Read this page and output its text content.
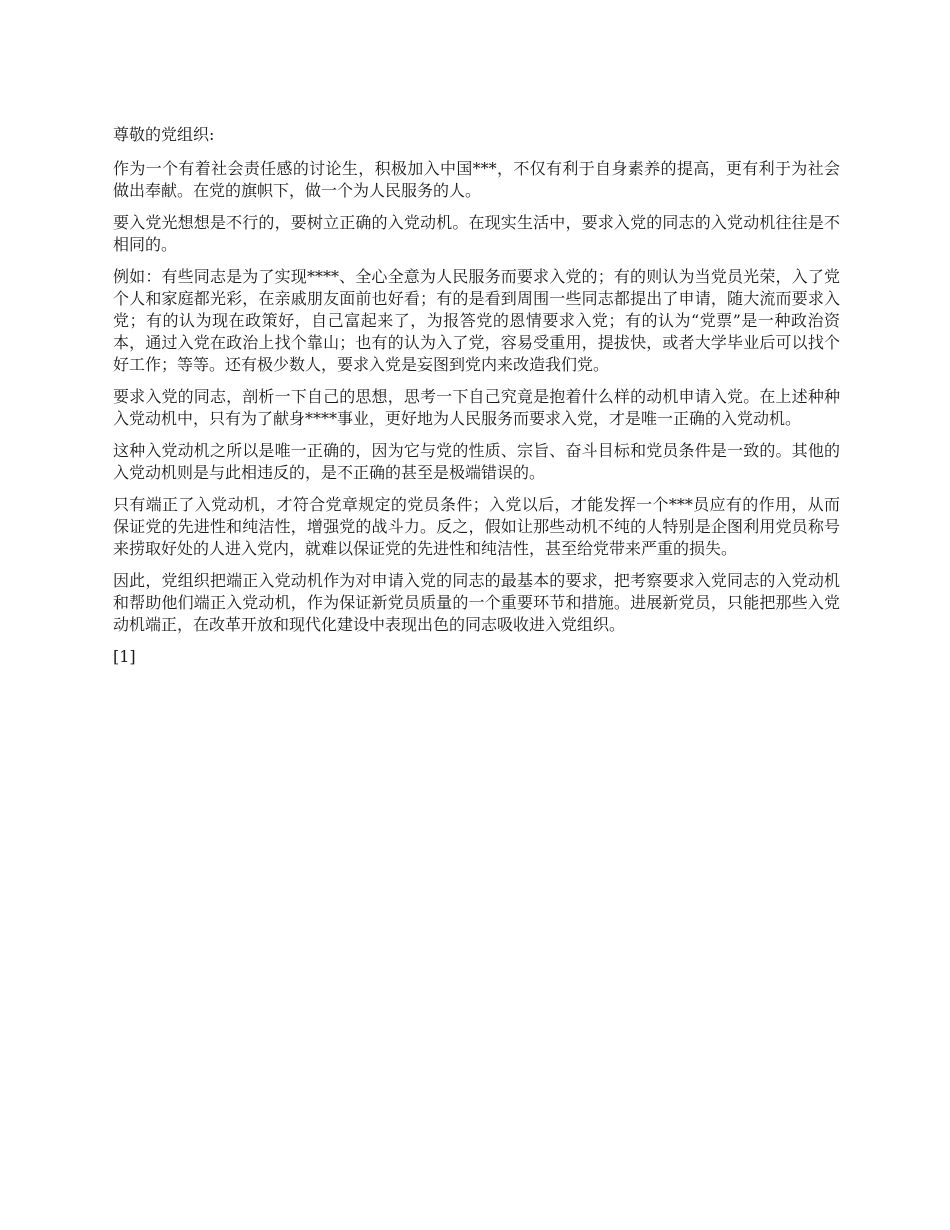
尊敬的党组织:

作为一个有着社会责任感的讨论生，积极加入中国***，不仅有利于自身素养的提高，更有利于为社会做出奉献。在党的旗帜下，做一个为人民服务的人。

要入党光想想是不行的，要树立正确的入党动机。在现实生活中，要求入党的同志的入党动机往往是不相同的。

例如：有些同志是为了实现****、全心全意为人民服务而要求入党的；有的则认为当党员光荣，入了党个人和家庭都光彩，在亲戚朋友面前也好看；有的是看到周围一些同志都提出了申请，随大流而要求入党；有的认为现在政策好，自己富起来了，为报答党的恩情要求入党；有的认为“党票”是一种政治资本，通过入党在政治上找个靠山；也有的认为入了党，容易受重用，提拔快，或者大学毕业后可以找个好工作；等等。还有极少数人，要求入党是妄图到党内来改造我们党。

要求入党的同志，剖析一下自己的思想，思考一下自己究竟是抱着什么样的动机申请入党。在上述种种入党动机中，只有为了献身****事业，更好地为人民服务而要求入党，才是唯一正确的入党动机。

这种入党动机之所以是唯一正确的，因为它与党的性质、宗旨、奋斗目标和党员条件是一致的。其他的入党动机则是与此相违反的，是不正确的甚至是极端错误的。

只有端正了入党动机，才符合党章规定的党员条件；入党以后，才能发挥一个***员应有的作用，从而保证党的先进性和纯洁性，增强党的战斗力。反之，假如让那些动机不纯的人特别是企图利用党员称号来捞取好处的人进入党内，就难以保证党的先进性和纯洁性，甚至给党带来严重的损失。

因此，党组织把端正入党动机作为对申请入党的同志的最基本的要求，把考察要求入党同志的入党动机和帮助他们端正入党动机，作为保证新党员质量的一个重要环节和措施。进展新党员，只能把那些入党动机端正，在改革开放和现代化建设中表现出色的同志吸收进入党组织。

[1]
